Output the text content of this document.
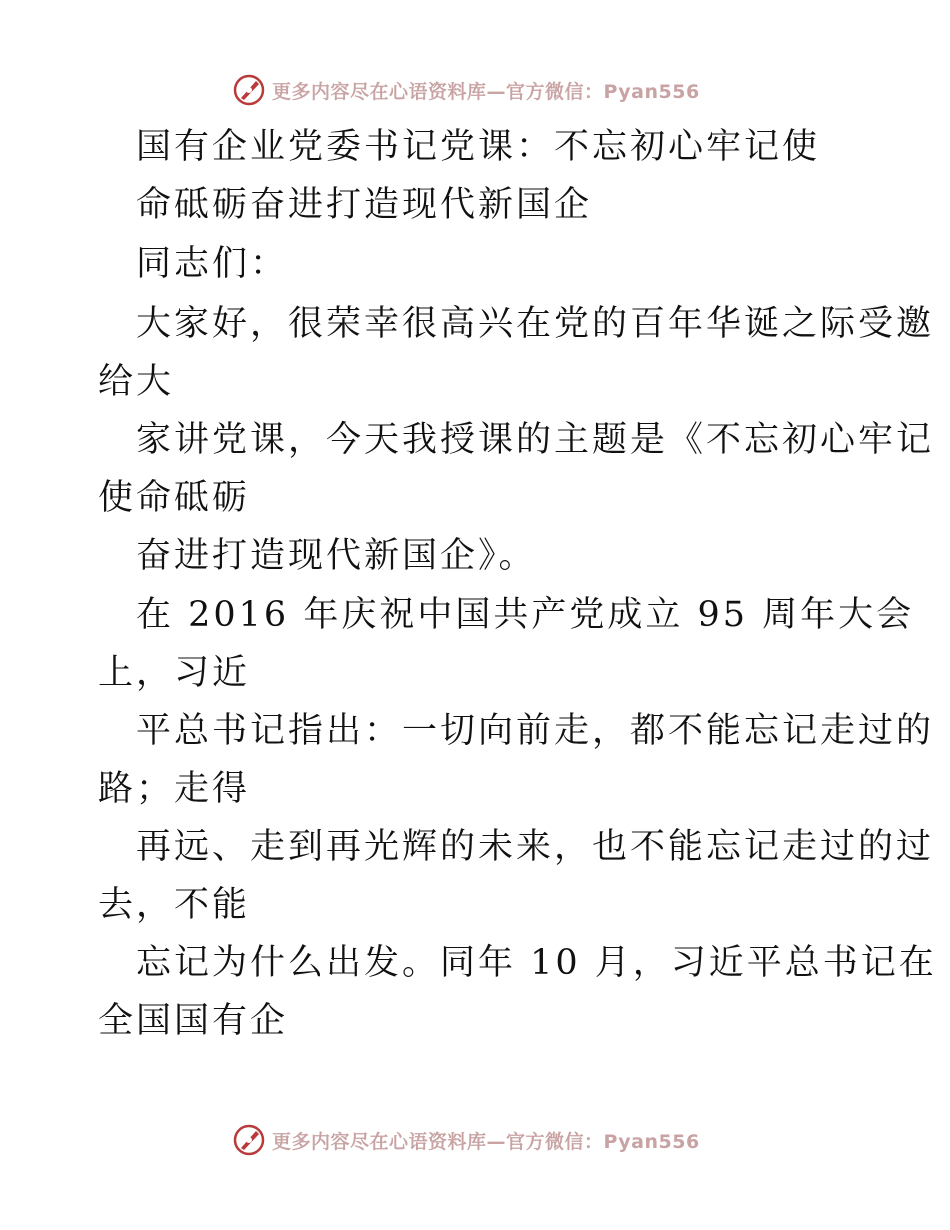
更多内容尽在心语资料库—官方微信：Pyan556
国有企业党委书记党课：不忘初心牢记使
命砥砺奋进打造现代新国企
同志们：
大家好，很荣幸很高兴在党的百年华诞之际受邀
给大
家讲党课，今天我授课的主题是《不忘初心牢记
使命砥砺
奋进打造现代新国企》。
在 2016 年庆祝中国共产党成立 95 周年大会
上，习近
平总书记指出：一切向前走，都不能忘记走过的
路；走得
再远、走到再光辉的未来，也不能忘记走过的过
去，不能
忘记为什么出发。同年 10 月，习近平总书记在
全国国有企
更多内容尽在心语资料库—官方微信：Pyan556
